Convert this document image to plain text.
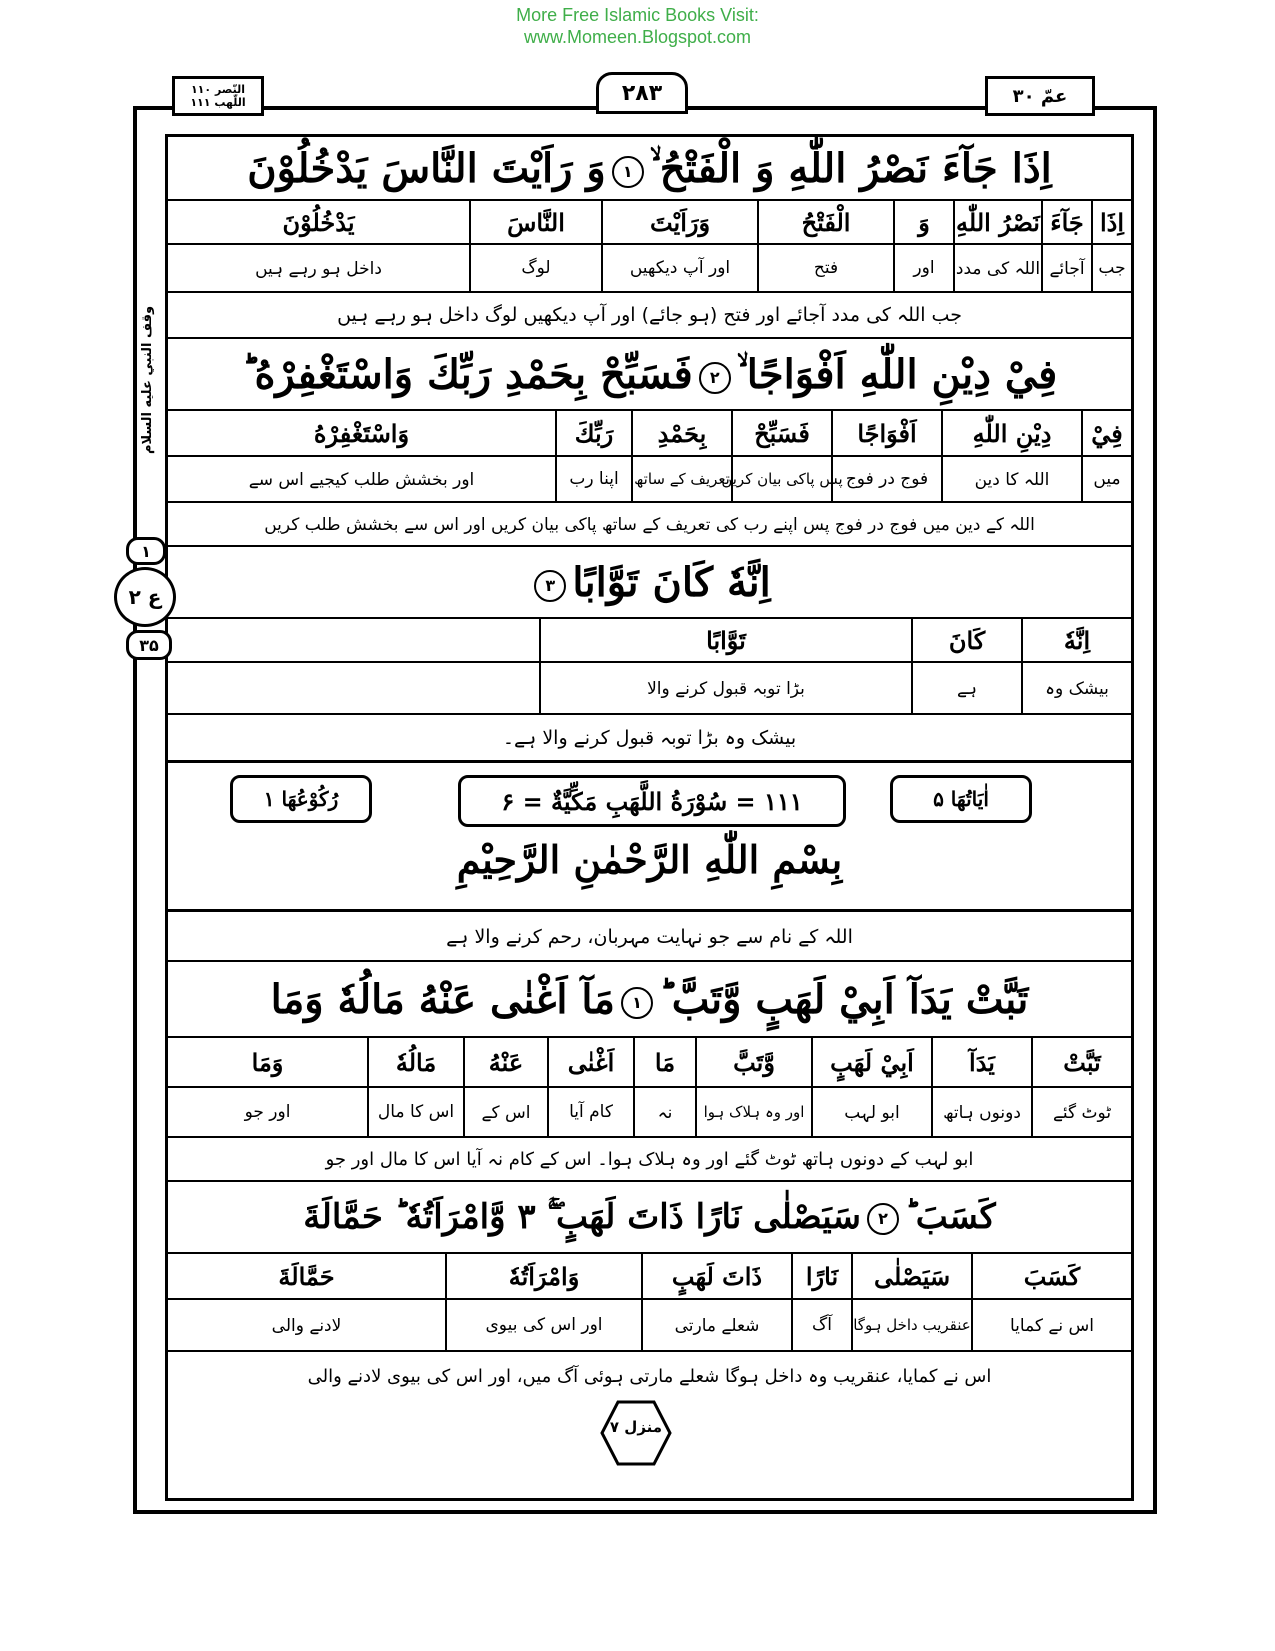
More Free Islamic Books Visit:
www.Momeen.Blogspot.com
النّصر ۱۱۰
اللّھب ۱۱۱	۲۸۳	عمّ ۳۰
وقف النبي عليه السلام
۱
ع ۲
۳۵
اِذَا جَآءَ نَصْرُ اللّٰهِ وَ الْفَتْحُ ۙ۱وَ رَاَيْتَ النَّاسَ يَدْخُلُوْنَ
اِذَا
جَآءَ
نَصْرُ اللّٰهِ
وَ
الْفَتْحُ
وَرَاَيْتَ
النَّاسَ
يَدْخُلُوْنَ
جب
آجائے
اللہ کی مدد
اور
فتح
اور آپ دیکھیں
لوگ
داخل ہو رہے ہیں
جب اللہ کی مدد آجائے اور فتح (ہو جائے) اور آپ دیکھیں لوگ داخل ہو رہے ہیں
فِيْ دِيْنِ اللّٰهِ اَفْوَاجًا ۙ۲فَسَبِّحْ بِحَمْدِ رَبِّكَ وَاسْتَغْفِرْهُ ؕ
فِيْ
دِيْنِ اللّٰهِ
اَفْوَاجًا
فَسَبِّحْ
بِحَمْدِ
رَبِّكَ
وَاسْتَغْفِرْهُ
میں
اللہ کا دین
فوج در فوج
پس پاکی بیان کریں
تعریف کے ساتھ
اپنا رب
اور بخشش طلب کیجیے اس سے
اللہ کے دین میں فوج در فوج پس اپنے رب کی تعریف کے ساتھ پاکی بیان کریں اور اس سے بخشش طلب کریں
اِنَّهٗ كَانَ تَوَّابًا۳
اِنَّهٗ
كَانَ
تَوَّابًا
بیشک وہ
ہے
بڑا توبہ قبول کرنے والا
بیشک وہ بڑا توبہ قبول کرنے والا ہے۔
اٰيَاتُهَا ۵
۱۱۱ = سُوْرَةُ اللَّهَبِ مَكِّيَّةٌ = ۶
رُكُوْعُهَا ۱
بِسْمِ اللّٰهِ الرَّحْمٰنِ الرَّحِيْمِ
اللہ کے نام سے جو نہایت مہربان، رحم کرنے والا ہے
تَبَّتْ يَدَآ اَبِيْ لَهَبٍ وَّتَبَّ ؕ۱مَآ اَغْنٰى عَنْهُ مَالُهٗ وَمَا
تَبَّتْ
يَدَآ
اَبِيْ لَهَبٍ
وَّتَبَّ
مَا
اَغْنٰى
عَنْهُ
مَالُهٗ
وَمَا
ٹوٹ گئے
دونوں ہاتھ
ابو لہب
اور وہ ہلاک ہوا
نہ
کام آیا
اس کے
اس کا مال
اور جو
ابو لہب کے دونوں ہاتھ ٹوٹ گئے اور وہ ہلاک ہوا۔ اس کے کام نہ آیا اس کا مال اور جو
كَسَبَ ؕ۲سَيَصْلٰى نَارًا ذَاتَ لَهَبٍ ۚۖ ۳ وَّامْرَاَتُهٗ ؕ حَمَّالَةَ
كَسَبَ
سَيَصْلٰى
نَارًا
ذَاتَ لَهَبٍ
وَامْرَاَتُهٗ
حَمَّالَةَ
اس نے کمایا
عنقریب داخل ہوگا
آگ
شعلے مارتی
اور اس کی بیوی
لادنے والی
اس نے کمایا، عنقریب وہ داخل ہوگا شعلے مارتی ہوئی آگ میں، اور اس کی بیوی لادنے والی
منزل ۷
